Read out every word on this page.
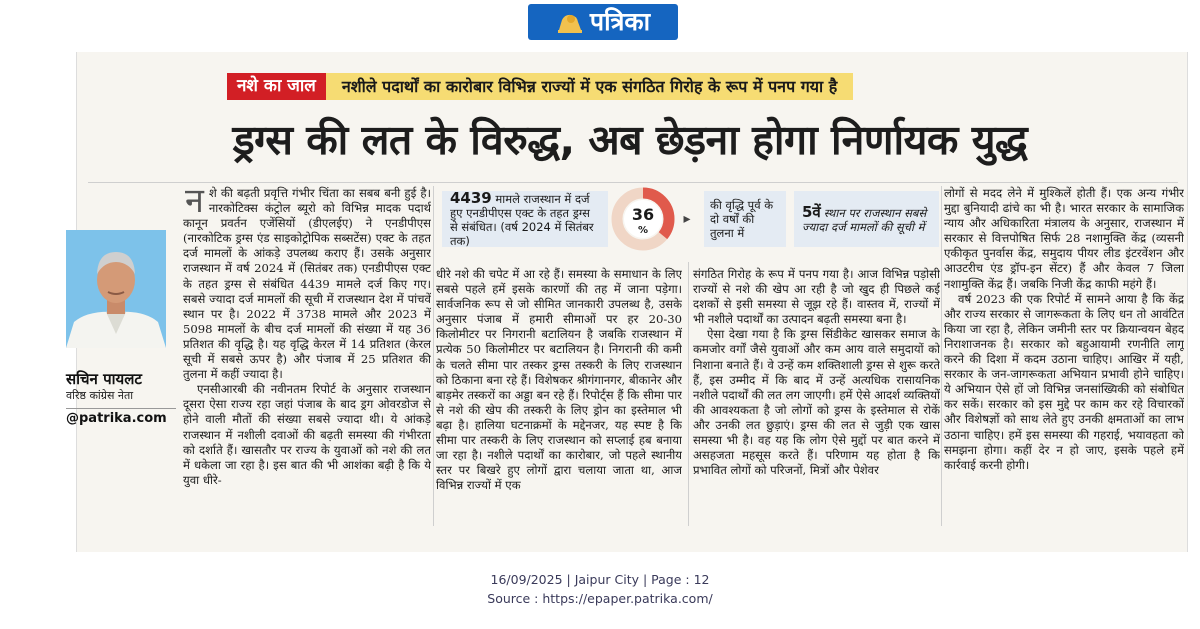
पत्रिका
नशे का जाल	नशीले पदार्थों का कारोबार विभिन्न राज्यों में एक संगठित गिरोह के रूप में पनप गया है
ड्रग्स की लत के विरुद्ध, अब छेड़ना होगा निर्णायक युद्ध
सचिन पायलट
वरिष्ठ कांग्रेस नेता
@patrika.com
4439 मामले राजस्थान में दर्ज हुए एनडीपीएस एक्ट के तहत ड्रग्स से संबंधित। (वर्ष 2024 में सितंबर तक)
36
%
▸
की वृद्धि पूर्व के दो वर्षों की तुलना में
5वें स्थान पर राजस्थान सबसे ज्यादा दर्ज मामलों की सूची में
न शे की बढ़ती प्रवृत्ति गंभीर चिंता का सबब बनी हुई है। नारकोटिक्स कंट्रोल ब्यूरो को विभिन्न मादक पदार्थ कानून प्रवर्तन एजेंसियों (डीएलईए) ने एनडीपीएस (नारकोटिक ड्रग्स एंड साइकोट्रोपिक सब्सटेंस) एक्ट के तहत दर्ज मामलों के आंकड़े उपलब्ध कराए हैं। उसके अनुसार राजस्थान में वर्ष 2024 में (सितंबर तक) एनडीपीएस एक्ट के तहत ड्रग्स से संबंधित 4439 मामले दर्ज किए गए। सबसे ज्यादा दर्ज मामलों की सूची में राजस्थान देश में पांचवें स्थान पर है। 2022 में 3738 मामले और 2023 में 5098 मामलों के बीच दर्ज मामलों की संख्या में यह 36 प्रतिशत की वृद्धि है। यह वृद्धि केरल में 14 प्रतिशत (केरल सूची में सबसे ऊपर है) और पंजाब में 25 प्रतिशत की तुलना में कहीं ज्यादा है।

एनसीआरबी की नवीनतम रिपोर्ट के अनुसार राजस्थान दूसरा ऐसा राज्य रहा जहां पंजाब के बाद ड्रग ओवरडोज से होने वाली मौतों की संख्या सबसे ज्यादा थी। ये आंकड़े राजस्थान में नशीली दवाओं की बढ़ती समस्या की गंभीरता को दर्शाते हैं। खासतौर पर राज्य के युवाओं को नशे की लत में धकेला जा रहा है। इस बात की भी आशंका बढ़ी है कि ये युवा धीरे-

धीरे नशे की चपेट में आ रहे हैं। समस्या के समाधान के लिए सबसे पहले हमें इसके कारणों की तह में जाना पड़ेगा। सार्वजनिक रूप से जो सीमित जानकारी उपलब्ध है, उसके अनुसार पंजाब में हमारी सीमाओं पर हर 20-30 किलोमीटर पर निगरानी बटालियन है जबकि राजस्थान में प्रत्येक 50 किलोमीटर पर बटालियन है। निगरानी की कमी के चलते सीमा पार तस्कर ड्रग्स तस्करी के लिए राजस्थान को ठिकाना बना रहे हैं। विशेषकर श्रीगंगानगर, बीकानेर और बाड़मेर तस्करों का अड्डा बन रहे हैं। रिपोर्ट्स हैं कि सीमा पार से नशे की खेप की तस्करी के लिए ड्रोन का इस्तेमाल भी बढ़ा है। हालिया घटनाक्रमों के मद्देनजर, यह स्पष्ट है कि सीमा पार तस्करी के लिए राजस्थान को सप्लाई हब बनाया जा रहा है। नशीले पदार्थों का कारोबार, जो पहले स्थानीय स्तर पर बिखरे हुए लोगों द्वारा चलाया जाता था, आज विभिन्न राज्यों में एक

संगठित गिरोह के रूप में पनप गया है। आज विभिन्न पड़ोसी राज्यों से नशे की खेप आ रही है जो खुद ही पिछले कई दशकों से इसी समस्या से जूझ रहे हैं। वास्तव में, राज्यों में भी नशीले पदार्थों का उत्पादन बढ़ती समस्या बना है।

ऐसा देखा गया है कि ड्रग्स सिंडीकेट खासकर समाज के कमजोर वर्गों जैसे युवाओं और कम आय वाले समुदायों को निशाना बनाते हैं। वे उन्हें कम शक्तिशाली ड्रग्स से शुरू करते हैं, इस उम्मीद में कि बाद में उन्हें अत्यधिक रासायनिक नशीले पदार्थों की लत लग जाएगी। हमें ऐसे आदर्श व्यक्तियों की आवश्यकता है जो लोगों को ड्रग्स के इस्तेमाल से रोकें और उनकी लत छुड़ाएं। ड्रग्स की लत से जुड़ी एक खास समस्या भी है। वह यह कि लोग ऐसे मुद्दों पर बात करने में असहजता महसूस करते हैं। परिणाम यह होता है कि प्रभावित लोगों को परिजनों, मित्रों और पेशेवर

लोगों से मदद लेने में मुश्किलें होती हैं। एक अन्य गंभीर मुद्दा बुनियादी ढांचे का भी है। भारत सरकार के सामाजिक न्याय और अधिकारिता मंत्रालय के अनुसार, राजस्थान में सरकार से वित्तपोषित सिर्फ 28 नशामुक्ति केंद्र (व्यसनी एकीकृत पुनर्वास केंद्र, समुदाय पीयर लीड इंटरवेंशन और आउटरीच एंड ड्रॉप-इन सेंटर) हैं और केवल 7 जिला नशामुक्ति केंद्र हैं। जबकि निजी केंद्र काफी महंगे हैं।

वर्ष 2023 की एक रिपोर्ट में सामने आया है कि केंद्र और राज्य सरकार से जागरूकता के लिए धन तो आवंटित किया जा रहा है, लेकिन जमीनी स्तर पर क्रियान्वयन बेहद निराशाजनक है। सरकार को बहुआयामी रणनीति लागू करने की दिशा में कदम उठाना चाहिए। आखिर में यही, सरकार के जन-जागरूकता अभियान प्रभावी होने चाहिए। ये अभियान ऐसे हों जो विभिन्न जनसांख्यिकी को संबोधित कर सकें। सरकार को इस मुद्दे पर काम कर रहे विचारकों और विशेषज्ञों को साथ लेते हुए उनकी क्षमताओं का लाभ उठाना चाहिए। हमें इस समस्या की गहराई, भयावहता को समझना होगा। कहीं देर न हो जाए, इसके पहले हमें कार्रवाई करनी होगी।

16/09/2025 | Jaipur City | Page : 12
Source : https://epaper.patrika.com/
